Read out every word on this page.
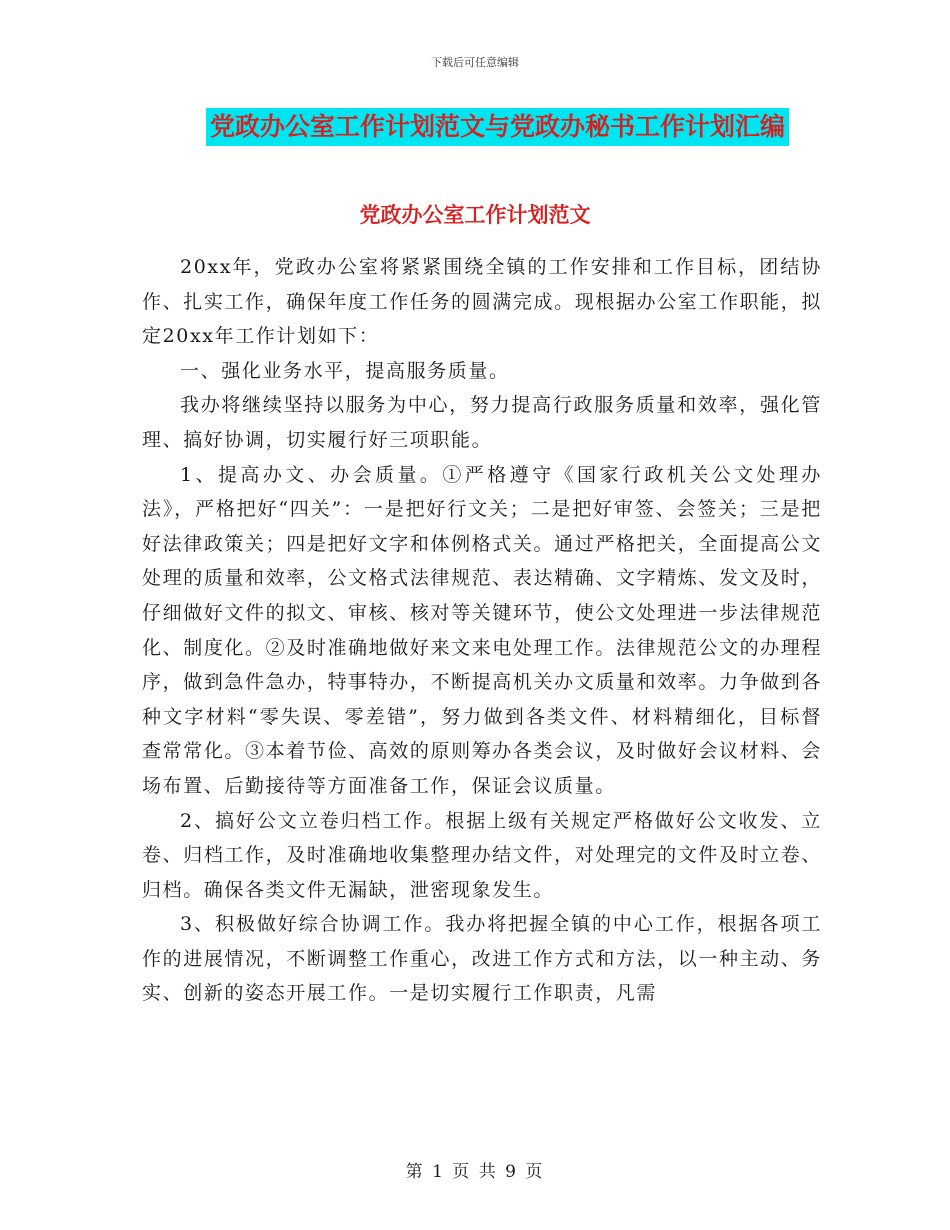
下载后可任意编辑
党政办公室工作计划范文与党政办秘书工作计划汇编
党政办公室工作计划范文

20xx年，党政办公室将紧紧围绕全镇的工作安排和工作目标，团结协作、扎实工作，确保年度工作任务的圆满完成。现根据办公室工作职能，拟定20xx年工作计划如下：

一、强化业务水平，提高服务质量。

我办将继续坚持以服务为中心，努力提高行政服务质量和效率，强化管理、搞好协调，切实履行好三项职能。

1、提高办文、办会质量。①严格遵守《国家行政机关公文处理办法》，严格把好“四关”：一是把好行文关；二是把好审签、会签关；三是把好法律政策关；四是把好文字和体例格式关。通过严格把关，全面提高公文处理的质量和效率，公文格式法律规范、表达精确、文字精炼、发文及时，仔细做好文件的拟文、审核、核对等关键环节，使公文处理进一步法律规范化、制度化。②及时准确地做好来文来电处理工作。法律规范公文的办理程序，做到急件急办，特事特办，不断提高机关办文质量和效率。力争做到各种文字材料“零失误、零差错”，努力做到各类文件、材料精细化，目标督查常常化。③本着节俭、高效的原则筹办各类会议，及时做好会议材料、会场布置、后勤接待等方面准备工作，保证会议质量。

2、搞好公文立卷归档工作。根据上级有关规定严格做好公文收发、立卷、归档工作，及时准确地收集整理办结文件，对处理完的文件及时立卷、归档。确保各类文件无漏缺，泄密现象发生。

3、积极做好综合协调工作。我办将把握全镇的中心工作，根据各项工作的进展情况，不断调整工作重心，改进工作方式和方法，以一种主动、务实、创新的姿态开展工作。一是切实履行工作职责，凡需

第 1 页 共 9 页
